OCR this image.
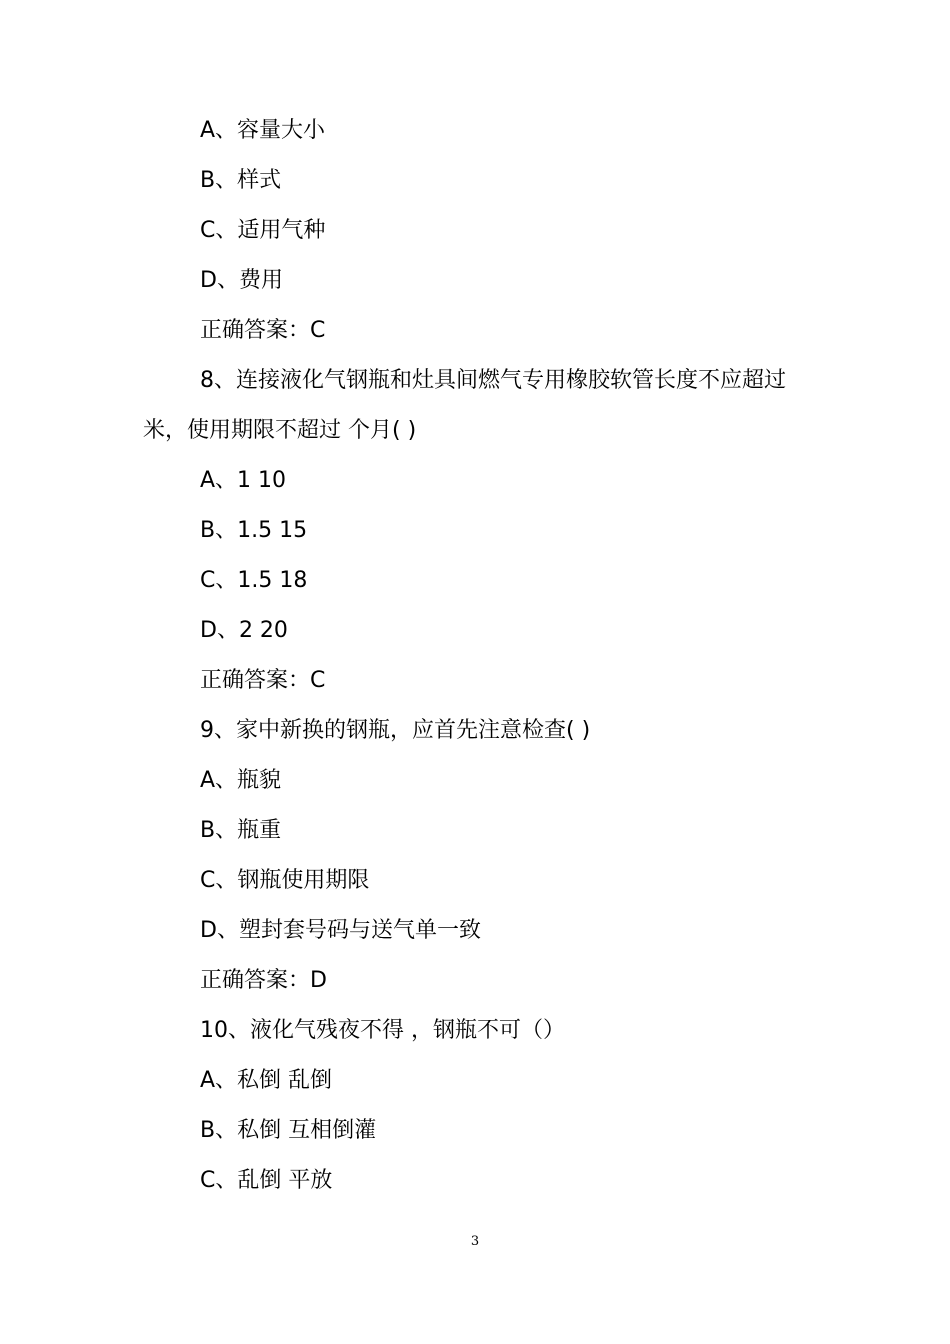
A、容量大小
B、样式
C、适用气种
D、费用
正确答案：C
8、连接液化气钢瓶和灶具间燃气专用橡胶软管长度不应超过
米，使用期限不超过 个月( )
A、1 10
B、1.5 15
C、1.5 18
D、2 20
正确答案：C
9、家中新换的钢瓶，应首先注意检查( )
A、瓶貌
B、瓶重
C、钢瓶使用期限
D、塑封套号码与送气单一致
正确答案：D
10、液化气残夜不得 ，钢瓶不可（）
A、私倒 乱倒
B、私倒 互相倒灌
C、乱倒 平放
3
